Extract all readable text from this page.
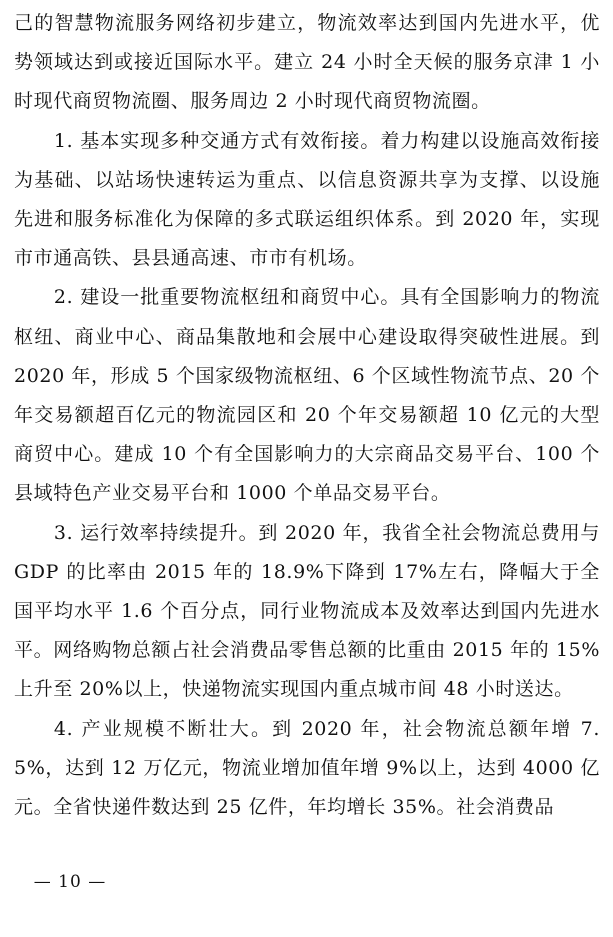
己的智慧物流服务网络初步建立，物流效率达到国内先进水平，优势领域达到或接近国际水平。建立 24 小时全天候的服务京津 1 小时现代商贸物流圈、服务周边 2 小时现代商贸物流圈。

1. 基本实现多种交通方式有效衔接。着力构建以设施高效衔接为基础、以站场快速转运为重点、以信息资源共享为支撑、以设施先进和服务标准化为保障的多式联运组织体系。到 2020 年，实现市市通高铁、县县通高速、市市有机场。

2. 建设一批重要物流枢纽和商贸中心。具有全国影响力的物流枢纽、商业中心、商品集散地和会展中心建设取得突破性进展。到 2020 年，形成 5 个国家级物流枢纽、6 个区域性物流节点、20 个年交易额超百亿元的物流园区和 20 个年交易额超 10 亿元的大型商贸中心。建成 10 个有全国影响力的大宗商品交易平台、100 个县域特色产业交易平台和 1000 个单品交易平台。

3. 运行效率持续提升。到 2020 年，我省全社会物流总费用与 GDP 的比率由 2015 年的 18.9%下降到 17%左右，降幅大于全国平均水平 1.6 个百分点，同行业物流成本及效率达到国内先进水平。网络购物总额占社会消费品零售总额的比重由 2015 年的 15%上升至 20%以上，快递物流实现国内重点城市间 48 小时送达。

4. 产业规模不断壮大。到 2020 年，社会物流总额年增 7.5%，达到 12 万亿元，物流业增加值年增 9%以上，达到 4000 亿元。全省快递件数达到 25 亿件，年均增长 35%。社会消费品

— 10 —
